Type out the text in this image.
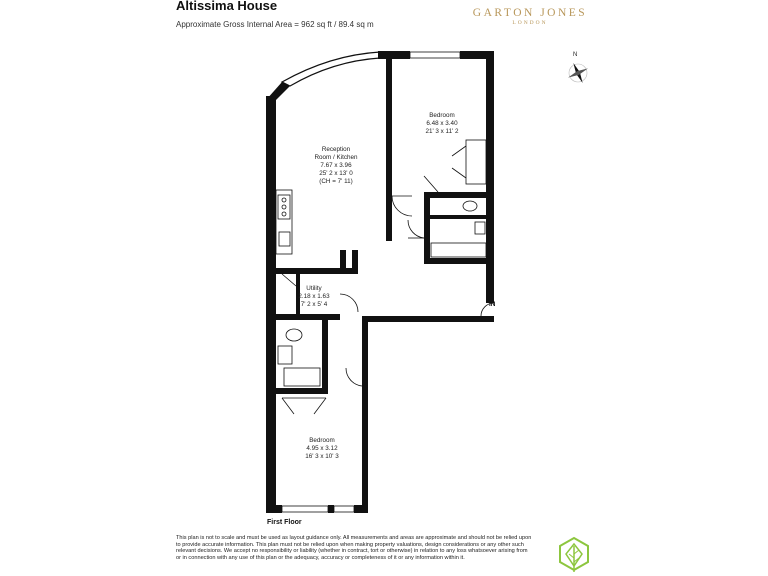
Altissima House
Approximate Gross Internal Area = 962 sq ft / 89.4 sq m
GARTON JONES
LONDON
N
IN
Reception
Room / Kitchen
7.67 x 3.96
25' 2 x 13' 0
(CH = 7' 11)
Bedroom
6.48 x 3.40
21' 3 x 11' 2
Utility
2.18 x 1.63
7' 2 x 5' 4
Bedroom
4.95 x 3.12
16' 3 x 10' 3
First Floor
This plan is not to scale and must be used as layout guidance only. All measurements and areas are approximate and should not be relied upon to provide accurate information. This plan must not be relied upon when making property valuations, design considerations or any other such relevant decisions. We accept no responsibility or liability (whether in contract, tort or otherwise) in relation to any loss whatsoever arising from or in connection with any use of this plan or the adequacy, accuracy or completeness of it or any information within it.
